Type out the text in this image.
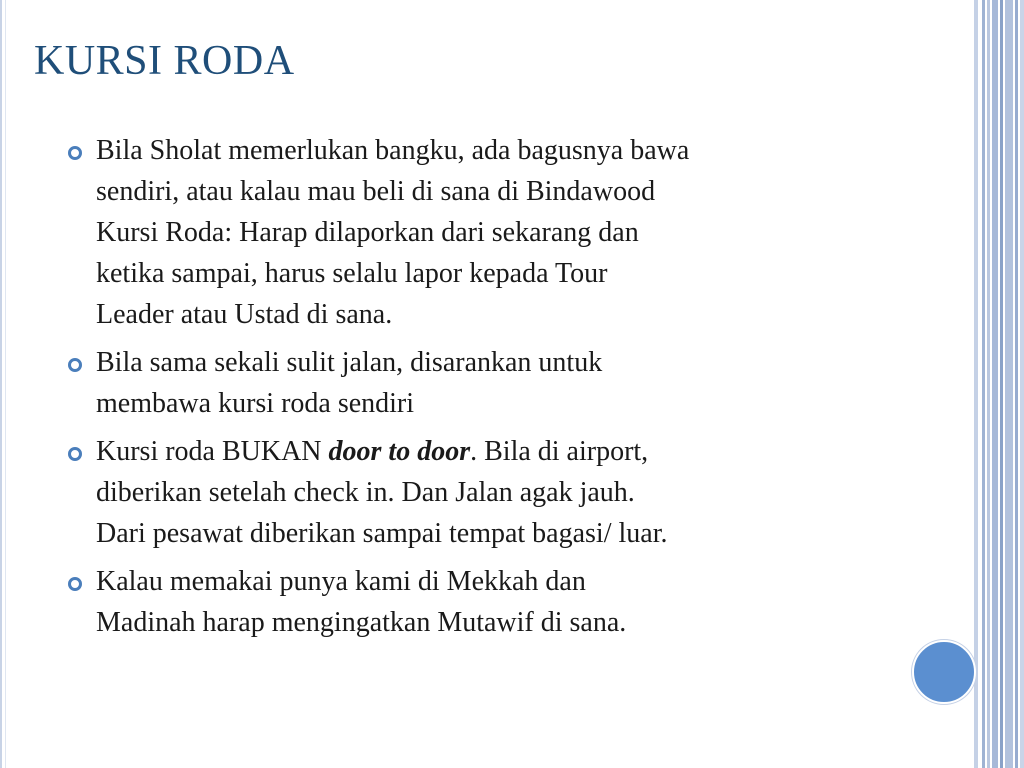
KURSI RODA
Bila Sholat memerlukan bangku, ada bagusnya bawa
sendiri, atau kalau mau beli di sana di Bindawood
Kursi Roda: Harap dilaporkan dari sekarang dan
ketika sampai, harus selalu lapor kepada Tour
Leader atau Ustad di sana.
Bila sama sekali sulit jalan, disarankan untuk
membawa kursi roda sendiri
Kursi roda BUKAN door to door. Bila di airport,
diberikan setelah check in. Dan Jalan agak jauh.
Dari pesawat diberikan sampai tempat bagasi/ luar.
Kalau memakai punya kami di Mekkah dan
Madinah harap mengingatkan Mutawif di sana.
